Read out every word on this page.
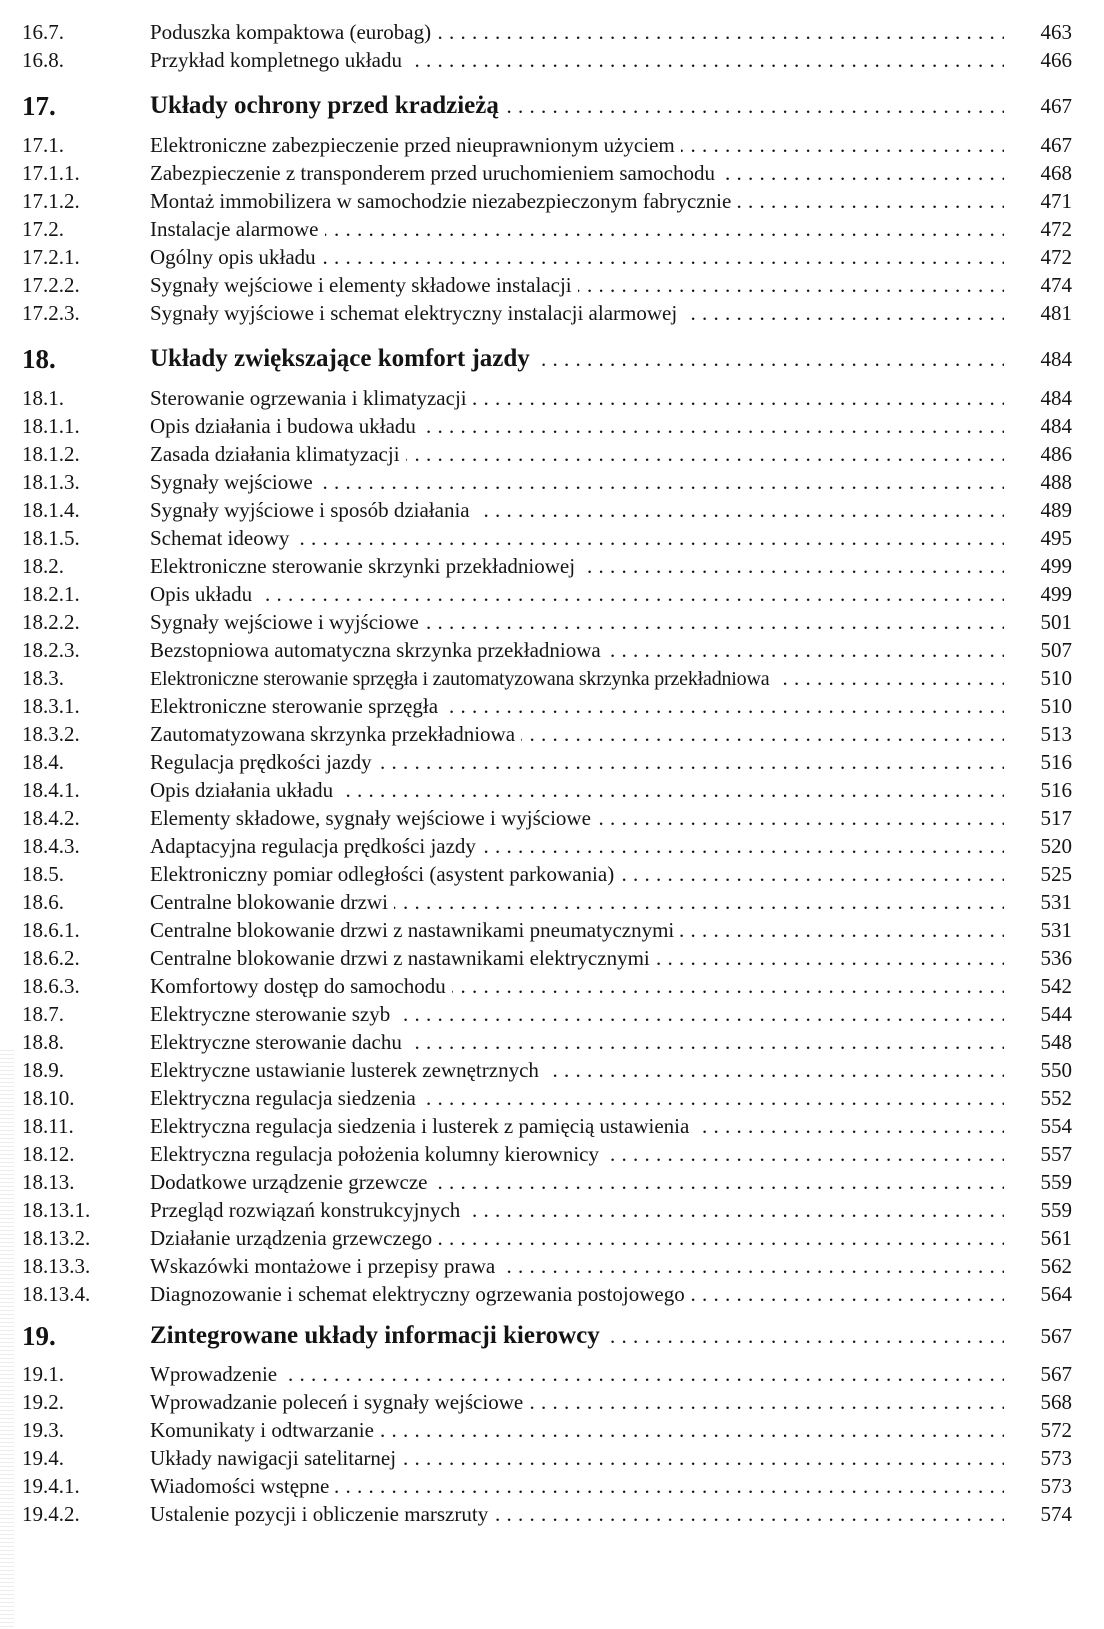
16.7.	Poduszka kompaktowa (eurobag) . . .	463
16.8.	Przykład kompletnego układu . . .	466
17.	Układy ochrony przed kradzieżą . . .	467
17.1.	Elektroniczne zabezpieczenie przed nieuprawnionym użyciem . . .	467
17.1.1.	Zabezpieczenie z transponderem przed uruchomieniem samochodu . . .	468
17.1.2.	Montaż immobilizera w samochodzie niezabezpieczonym fabrycznie . . .	471
17.2.	Instalacje alarmowe . . .	472
17.2.1.	Ogólny opis układu . . .	472
17.2.2.	Sygnały wejściowe i elementy składowe instalacji . . .	474
17.2.3.	Sygnały wyjściowe i schemat elektryczny instalacji alarmowej . . .	481
18.	Układy zwiększające komfort jazdy . . .	484
18.1.	Sterowanie ogrzewania i klimatyzacji . . .	484
18.1.1.	Opis działania i budowa układu . . .	484
18.1.2.	Zasada działania klimatyzacji . . .	486
18.1.3.	Sygnały wejściowe . . .	488
18.1.4.	Sygnały wyjściowe i sposób działania . . .	489
18.1.5.	Schemat ideowy . . .	495
18.2.	Elektroniczne sterowanie skrzynki przekładniowej . . .	499
18.2.1.	Opis układu . . .	499
18.2.2.	Sygnały wejściowe i wyjściowe . . .	501
18.2.3.	Bezstopniowa automatyczna skrzynka przekładniowa . . .	507
18.3.	Elektroniczne sterowanie sprzęgła i zautomatyzowana skrzynka przekładniowa . . .	510
18.3.1.	Elektroniczne sterowanie sprzęgła . . .	510
18.3.2.	Zautomatyzowana skrzynka przekładniowa . . .	513
18.4.	Regulacja prędkości jazdy . . .	516
18.4.1.	Opis działania układu . . .	516
18.4.2.	Elementy składowe, sygnały wejściowe i wyjściowe . . .	517
18.4.3.	Adaptacyjna regulacja prędkości jazdy . . .	520
18.5.	Elektroniczny pomiar odległości (asystent parkowania) . . .	525
18.6.	Centralne blokowanie drzwi . . .	531
18.6.1.	Centralne blokowanie drzwi z nastawnikami pneumatycznymi . . .	531
18.6.2.	Centralne blokowanie drzwi z nastawnikami elektrycznymi . . .	536
18.6.3.	Komfortowy dostęp do samochodu . . .	542
18.7.	Elektryczne sterowanie szyb . . .	544
18.8.	Elektryczne sterowanie dachu . . .	548
18.9.	Elektryczne ustawianie lusterek zewnętrznych . . .	550
18.10.	Elektryczna regulacja siedzenia . . .	552
18.11.	Elektryczna regulacja siedzenia i lusterek z pamięcią ustawienia . . .	554
18.12.	Elektryczna regulacja położenia kolumny kierownicy . . .	557
18.13.	Dodatkowe urządzenie grzewcze . . .	559
18.13.1.	Przegląd rozwiązań konstrukcyjnych . . .	559
18.13.2.	Działanie urządzenia grzewczego . . .	561
18.13.3.	Wskazówki montażowe i przepisy prawa . . .	562
18.13.4.	Diagnozowanie i schemat elektryczny ogrzewania postojowego . . .	564
19.	Zintegrowane układy informacji kierowcy . . .	567
19.1.	Wprowadzenie . . .	567
19.2.	Wprowadzanie poleceń i sygnały wejściowe . . .	568
19.3.	Komunikaty i odtwarzanie . . .	572
19.4.	Układy nawigacji satelitarnej . . .	573
19.4.1.	Wiadomości wstępne . . .	573
19.4.2.	Ustalenie pozycji i obliczenie marszruty . . .	574
